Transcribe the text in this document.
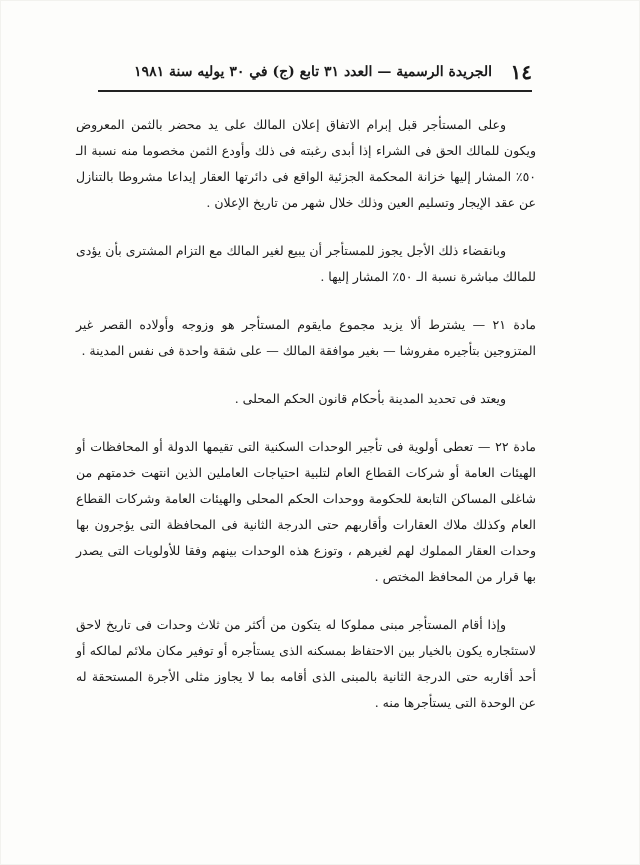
١٤
الجريدة الرسمية — العدد ٣١ تابع (ج) في ٣٠ يوليه سنة ١٩٨١

وعلى المستأجر قبل إبرام الاتفاق إعلان المالك على يد محضر بالثمن المعروض ويكون للمالك الحق فى الشراء إذا أبدى رغبته فى ذلك وأودع الثمن مخصوما منه نسبة الـ ٥٠٪ المشار إليها خزانة المحكمة الجزئية الواقع فى دائرتها العقار إيداعا مشروطا بالتنازل عن عقد الإيجار وتسليم العين وذلك خلال شهر من تاريخ الإعلان .

وبانقضاء ذلك الأجل يجوز للمستأجر أن يبيع لغير المالك مع التزام المشترى بأن يؤدى للمالك مباشرة نسبة الـ ٥٠٪ المشار إليها .

مادة ٢١ — يشترط ألا يزيد مجموع مايقوم المستأجر هو وزوجه وأولاده القصر غير المتزوجين بتأجيره مفروشا — بغير موافقة المالك — على شقة واحدة فى نفس المدينة .

ويعتد فى تحديد المدينة بأحكام قانون الحكم المحلى .

مادة ٢٢ — تعطى أولوية فى تأجير الوحدات السكنية التى تقيمها الدولة أو المحافظات أو الهيئات العامة أو شركات القطاع العام لتلبية احتياجات العاملين الذين انتهت خدمتهم من شاغلى المساكن التابعة للحكومة ووحدات الحكم المحلى والهيئات العامة وشركات القطاع العام وكذلك ملاك العقارات وأقاربهم حتى الدرجة الثانية فى المحافظة التى يؤجرون بها وحدات العقار المملوك لهم لغيرهم ، وتوزع هذه الوحدات بينهم وفقا للأولويات التى يصدر بها قرار من المحافظ المختص .

وإذا أقام المستأجر مبنى مملوكا له يتكون من أكثر من ثلاث وحدات فى تاريخ لاحق لاستئجاره يكون بالخيار بين الاحتفاظ بمسكنه الذى يستأجره أو توفير مكان ملائم لمالكه أو أحد أقاربه حتى الدرجة الثانية بالمبنى الذى أقامه بما لا يجاوز مثلى الأجرة المستحقة له عن الوحدة التى يستأجرها منه .
